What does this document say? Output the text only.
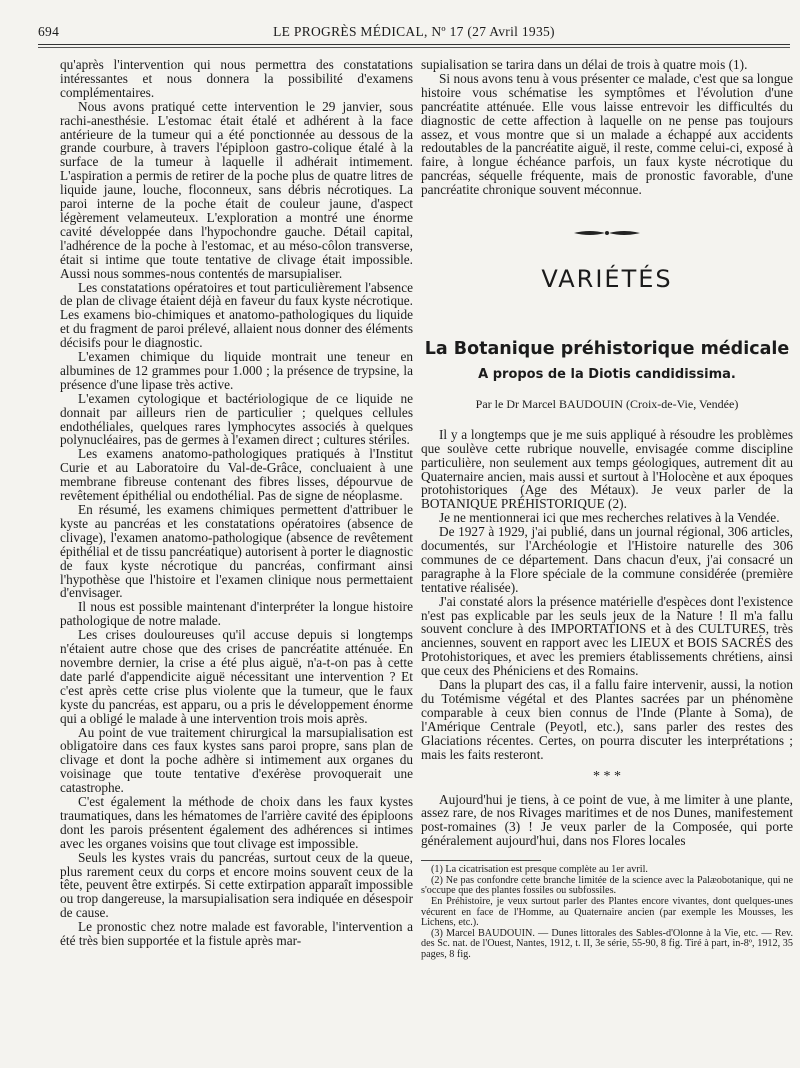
694	LE PROGRÈS MÉDICAL, Nº 17 (27 Avril 1935)

qu'après l'intervention qui nous permettra des constatations intéressantes et nous donnera la possibilité d'examens complémentaires.

Nous avons pratiqué cette intervention le 29 janvier, sous rachi-anesthésie. L'estomac était étalé et adhérent à la face antérieure de la tumeur qui a été ponctionnée au dessous de la grande courbure, à travers l'épiploon gastro-colique étalé à la surface de la tumeur à laquelle il adhérait intimement. L'aspiration a permis de retirer de la poche plus de quatre litres de liquide jaune, louche, floconneux, sans débris nécrotiques. La paroi interne de la poche était de couleur jaune, d'aspect légèrement velameuteux. L'exploration a montré une énorme cavité développée dans l'hypochondre gauche. Détail capital, l'adhérence de la poche à l'estomac, et au méso-côlon transverse, était si intime que toute tentative de clivage était impossible. Aussi nous sommes-nous contentés de marsupialiser.

Les constatations opératoires et tout particulièrement l'absence de plan de clivage étaient déjà en faveur du faux kyste nécrotique. Les examens bio-chimiques et anatomo-pathologiques du liquide et du fragment de paroi prélevé, allaient nous donner des éléments décisifs pour le diagnostic.

L'examen chimique du liquide montrait une teneur en albumines de 12 grammes pour 1.000 ; la présence de trypsine, la présence d'une lipase très active.

L'examen cytologique et bactériologique de ce liquide ne donnait par ailleurs rien de particulier ; quelques cellules endothéliales, quelques rares lymphocytes associés à quelques polynucléaires, pas de germes à l'examen direct ; cultures stériles.

Les examens anatomo-pathologiques pratiqués à l'Institut Curie et au Laboratoire du Val-de-Grâce, concluaient à une membrane fibreuse contenant des fibres lisses, dépourvue de revêtement épithélial ou endothélial. Pas de signe de néoplasme.

En résumé, les examens chimiques permettent d'attribuer le kyste au pancréas et les constatations opératoires (absence de clivage), l'examen anatomo-pathologique (absence de revêtement épithélial et de tissu pancréatique) autorisent à porter le diagnostic de faux kyste nécrotique du pancréas, confirmant ainsi l'hypothèse que l'histoire et l'examen clinique nous permettaient d'envisager.

Il nous est possible maintenant d'interpréter la longue histoire pathologique de notre malade.

Les crises douloureuses qu'il accuse depuis si longtemps n'étaient autre chose que des crises de pancréatite atténuée. En novembre dernier, la crise a été plus aiguë, n'a-t-on pas à cette date parlé d'appendicite aiguë nécessitant une intervention ? Et c'est après cette crise plus violente que la tumeur, que le faux kyste du pancréas, est apparu, ou a pris le développement énorme qui a obligé le malade à une intervention trois mois après.

Au point de vue traitement chirurgical la marsupialisation est obligatoire dans ces faux kystes sans paroi propre, sans plan de clivage et dont la poche adhère si intimement aux organes du voisinage que toute tentative d'exérèse provoquerait une catastrophe.

C'est également la méthode de choix dans les faux kystes traumatiques, dans les hématomes de l'arrière cavité des épiploons dont les parois présentent également des adhérences si intimes avec les organes voisins que tout clivage est impossible.

Seuls les kystes vrais du pancréas, surtout ceux de la queue, plus rarement ceux du corps et encore moins souvent ceux de la tête, peuvent être extirpés. Si cette extirpation apparaît impossible ou trop dangereuse, la marsupialisation sera indiquée en désespoir de cause.

Le pronostic chez notre malade est favorable, l'intervention a été très bien supportée et la fistule après mar-

supialisation se tarira dans un délai de trois à quatre mois (1).

Si nous avons tenu à vous présenter ce malade, c'est que sa longue histoire vous schématise les symptômes et l'évolution d'une pancréatite atténuée. Elle vous laisse entrevoir les difficultés du diagnostic de cette affection à laquelle on ne pense pas toujours assez, et vous montre que si un malade a échappé aux accidents redoutables de la pancréatite aiguë, il reste, comme celui-ci, exposé à faire, à longue échéance parfois, un faux kyste nécrotique du pancréas, séquelle fréquente, mais de pronostic favorable, d'une pancréatite chronique souvent méconnue.

VARIÉTÉS
La Botanique préhistorique médicale
A propos de la Diotis candidissima.
Par le Dr Marcel BAUDOUIN (Croix-de-Vie, Vendée)

Il y a longtemps que je me suis appliqué à résoudre les problèmes que soulève cette rubrique nouvelle, envisagée comme discipline particulière, non seulement aux temps géologiques, autrement dit au Quaternaire ancien, mais aussi et surtout à l'Holocène et aux époques protohistoriques (Age des Métaux). Je veux parler de la BOTANIQUE PRÉHISTORIQUE (2).

Je ne mentionnerai ici que mes recherches relatives à la Vendée.

De 1927 à 1929, j'ai publié, dans un journal régional, 306 articles, documentés, sur l'Archéologie et l'Histoire naturelle des 306 communes de ce département. Dans chacun d'eux, j'ai consacré un paragraphe à la Flore spéciale de la commune considérée (première tentative réalisée).

J'ai constaté alors la présence matérielle d'espèces dont l'existence n'est pas explicable par les seuls jeux de la Nature ! Il m'a fallu souvent conclure à des IMPORTATIONS et à des CULTURES, très anciennes, souvent en rapport avec les LIEUX et BOIS SACRÉS des Protohistoriques, et avec les premiers établissements chrétiens, ainsi que ceux des Phéniciens et des Romains.

Dans la plupart des cas, il a fallu faire intervenir, aussi, la notion du Totémisme végétal et des Plantes sacrées par un phénomène comparable à ceux bien connus de l'Inde (Plante à Soma), de l'Amérique Centrale (Peyotl, etc.), sans parler des restes des Glaciations récentes. Certes, on pourra discuter les interprétations ; mais les faits resteront.

* * *

Aujourd'hui je tiens, à ce point de vue, à me limiter à une plante, assez rare, de nos Rivages maritimes et de nos Dunes, manifestement post-romaines (3) ! Je veux parler de la Composée, qui porte généralement aujourd'hui, dans nos Flores locales

(1) La cicatrisation est presque complète au 1er avril.

(2) Ne pas confondre cette branche limitée de la science avec la Palæobotanique, qui ne s'occupe que des plantes fossiles ou subfossiles.

En Préhistoire, je veux surtout parler des Plantes encore vivantes, dont quelques-unes vécurent en face de l'Homme, au Quaternaire ancien (par exemple les Mousses, les Lichens, etc.).

(3) Marcel BAUDOUIN. — Dunes littorales des Sables-d'Olonne à la Vie, etc. — Rev. des Sc. nat. de l'Ouest, Nantes, 1912, t. II, 3e série, 55-90, 8 fig. Tiré à part, in-8º, 1912, 35 pages, 8 fig.
